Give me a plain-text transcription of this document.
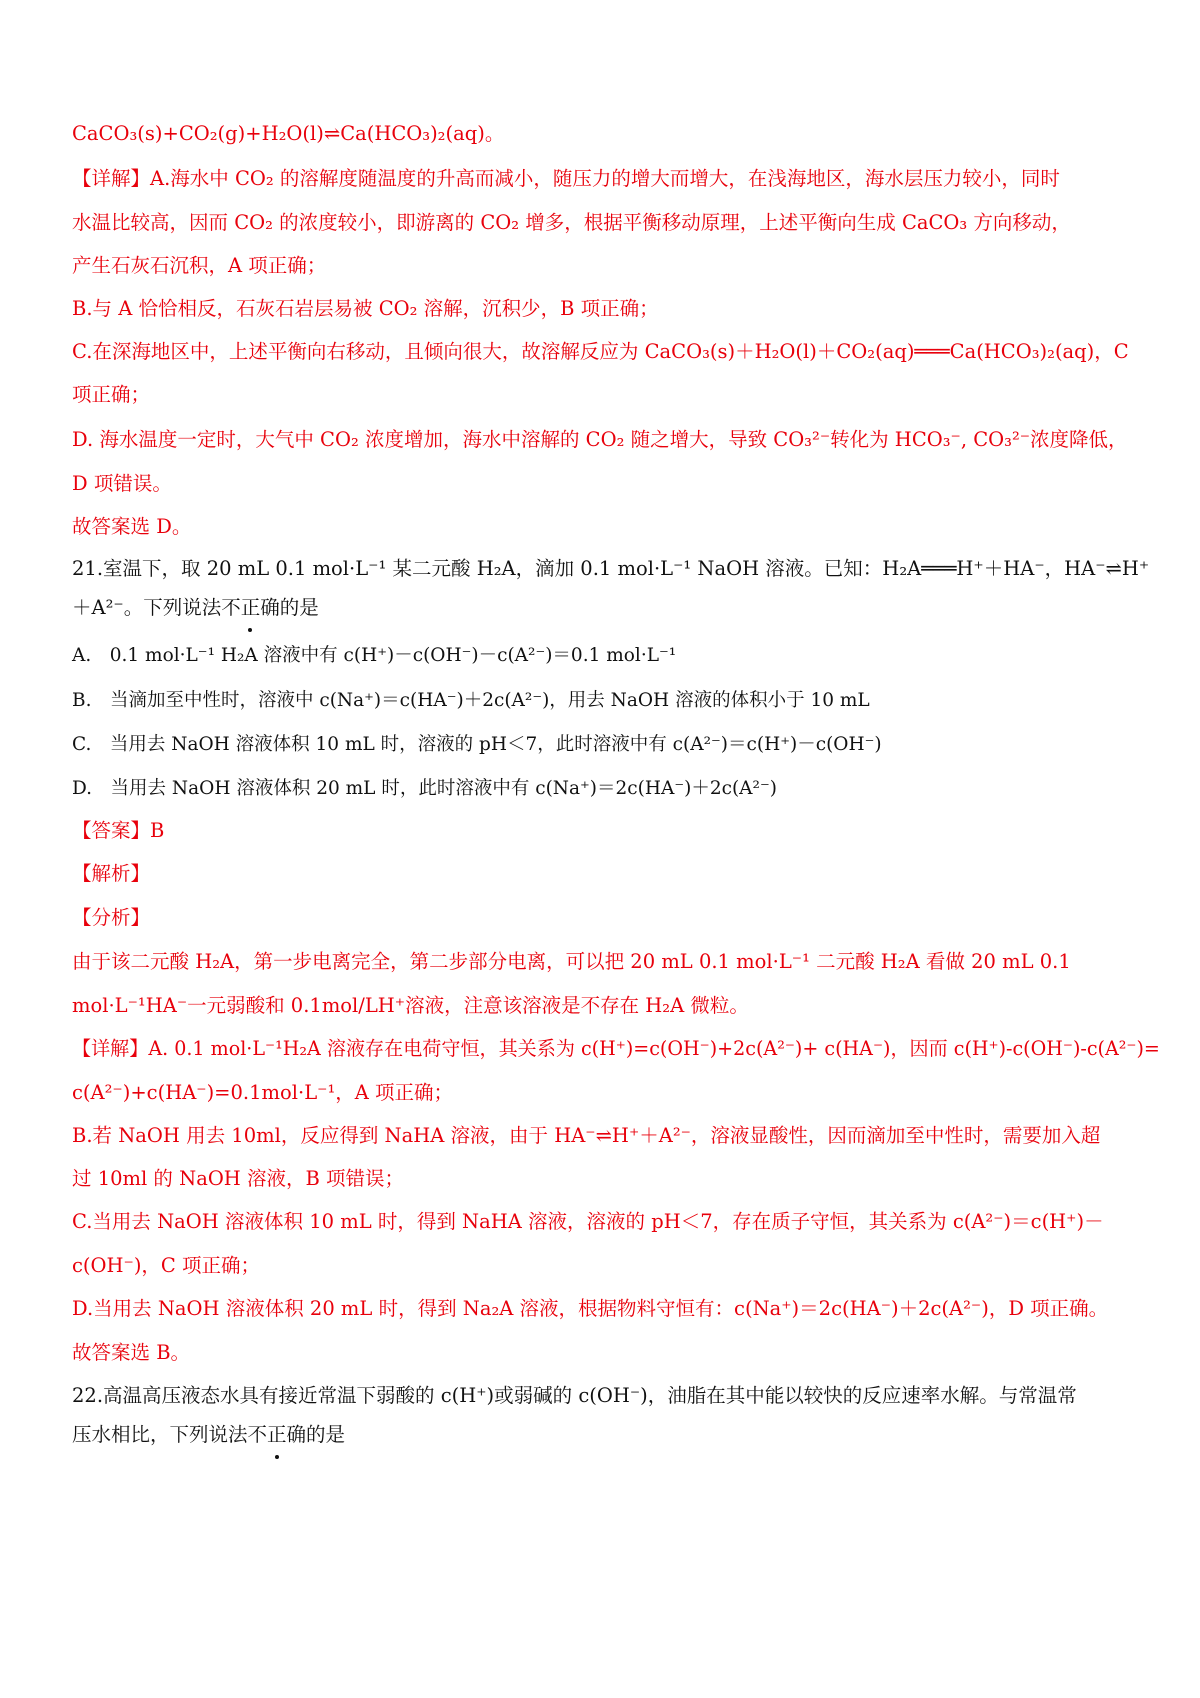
CaCO₃(s)+CO₂(g)+H₂O(l)⇌Ca(HCO₃)₂(aq)。
【详解】A.海水中 CO₂ 的溶解度随温度的升高而减小，随压力的增大而增大，在浅海地区，海水层压力较小，同时
水温比较高，因而 CO₂ 的浓度较小，即游离的 CO₂ 增多，根据平衡移动原理，上述平衡向生成 CaCO₃ 方向移动，
产生石灰石沉积，A 项正确；
B.与 A 恰恰相反，石灰石岩层易被 CO₂ 溶解，沉积少，B 项正确；
C.在深海地区中，上述平衡向右移动，且倾向很大，故溶解反应为 CaCO₃(s)＋H₂O(l)＋CO₂(aq)═══Ca(HCO₃)₂(aq)，C
项正确；
D. 海水温度一定时，大气中 CO₂ 浓度增加，海水中溶解的 CO₂ 随之增大，导致 CO₃²⁻转化为 HCO₃⁻, CO₃²⁻浓度降低，
D 项错误。
故答案选 D。
21.室温下，取 20 mL 0.1 mol·L⁻¹ 某二元酸 H₂A，滴加 0.1 mol·L⁻¹ NaOH 溶液。已知：H₂A═══H⁺＋HA⁻，HA⁻⇌H⁺
＋A²⁻。下列说法不正确的是
A.　0.1 mol·L⁻¹ H₂A 溶液中有 c(H⁺)－c(OH⁻)－c(A²⁻)＝0.1 mol·L⁻¹
B.　当滴加至中性时，溶液中 c(Na⁺)＝c(HA⁻)＋2c(A²⁻)，用去 NaOH 溶液的体积小于 10 mL
C.　当用去 NaOH 溶液体积 10 mL 时，溶液的 pH＜7，此时溶液中有 c(A²⁻)＝c(H⁺)－c(OH⁻)
D.　当用去 NaOH 溶液体积 20 mL 时，此时溶液中有 c(Na⁺)＝2c(HA⁻)＋2c(A²⁻)
【答案】B
【解析】
【分析】
由于该二元酸 H₂A，第一步电离完全，第二步部分电离，可以把 20 mL 0.1 mol·L⁻¹ 二元酸 H₂A 看做 20 mL 0.1
mol·L⁻¹HA⁻一元弱酸和 0.1mol/LH⁺溶液，注意该溶液是不存在 H₂A 微粒。
【详解】A. 0.1 mol·L⁻¹H₂A 溶液存在电荷守恒，其关系为 c(H⁺)=c(OH⁻)+2c(A²⁻)+ c(HA⁻)，因而 c(H⁺)-c(OH⁻)-c(A²⁻)=
c(A²⁻)+c(HA⁻)=0.1mol·L⁻¹，A 项正确；
B.若 NaOH 用去 10ml，反应得到 NaHA 溶液，由于 HA⁻⇌H⁺＋A²⁻，溶液显酸性，因而滴加至中性时，需要加入超
过 10ml 的 NaOH 溶液，B 项错误；
C.当用去 NaOH 溶液体积 10 mL 时，得到 NaHA 溶液，溶液的 pH＜7，存在质子守恒，其关系为 c(A²⁻)＝c(H⁺)－
c(OH⁻)，C 项正确；
D.当用去 NaOH 溶液体积 20 mL 时，得到 Na₂A 溶液，根据物料守恒有：c(Na⁺)＝2c(HA⁻)＋2c(A²⁻)，D 项正确。
故答案选 B。
22.高温高压液态水具有接近常温下弱酸的 c(H⁺)或弱碱的 c(OH⁻)，油脂在其中能以较快的反应速率水解。与常温常
压水相比，下列说法不正确的是
